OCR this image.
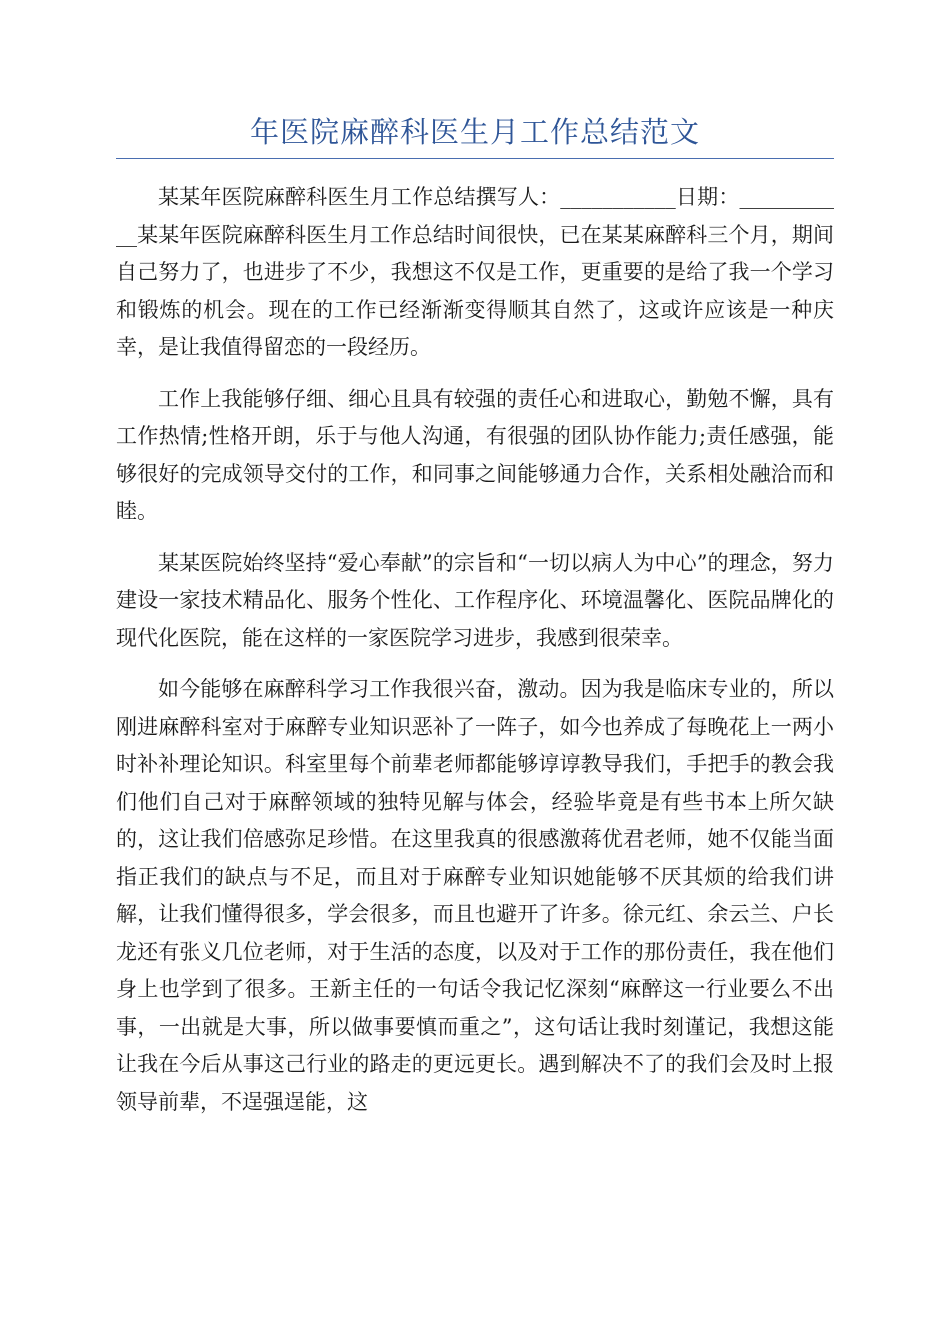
年医院麻醉科医生月工作总结范文

某某年医院麻醉科医生月工作总结撰写人：___________日期：___________某某年医院麻醉科医生月工作总结时间很快，已在某某麻醉科三个月，期间自己努力了，也进步了不少，我想这不仅是工作，更重要的是给了我一个学习和锻炼的机会。现在的工作已经渐渐变得顺其自然了，这或许应该是一种庆幸，是让我值得留恋的一段经历。

工作上我能够仔细、细心且具有较强的责任心和进取心，勤勉不懈，具有工作热情;性格开朗，乐于与他人沟通，有很强的团队协作能力;责任感强，能够很好的完成领导交付的工作，和同事之间能够通力合作，关系相处融洽而和睦。

某某医院始终坚持“爱心奉献”的宗旨和“一切以病人为中心”的理念，努力建设一家技术精品化、服务个性化、工作程序化、环境温馨化、医院品牌化的现代化医院，能在这样的一家医院学习进步，我感到很荣幸。

如今能够在麻醉科学习工作我很兴奋，激动。因为我是临床专业的，所以刚进麻醉科室对于麻醉专业知识恶补了一阵子，如今也养成了每晚花上一两小时补补理论知识。科室里每个前辈老师都能够谆谆教导我们，手把手的教会我们他们自己对于麻醉领域的独特见解与体会，经验毕竟是有些书本上所欠缺的，这让我们倍感弥足珍惜。在这里我真的很感激蒋优君老师，她不仅能当面指正我们的缺点与不足，而且对于麻醉专业知识她能够不厌其烦的给我们讲解，让我们懂得很多，学会很多，而且也避开了许多。徐元红、余云兰、户长龙还有张义几位老师，对于生活的态度，以及对于工作的那份责任，我在他们身上也学到了很多。王新主任的一句话令我记忆深刻“麻醉这一行业要么不出事，一出就是大事，所以做事要慎而重之”，这句话让我时刻谨记，我想这能让我在今后从事这己行业的路走的更远更长。遇到解决不了的我们会及时上报领导前辈，不逞强逞能，这
